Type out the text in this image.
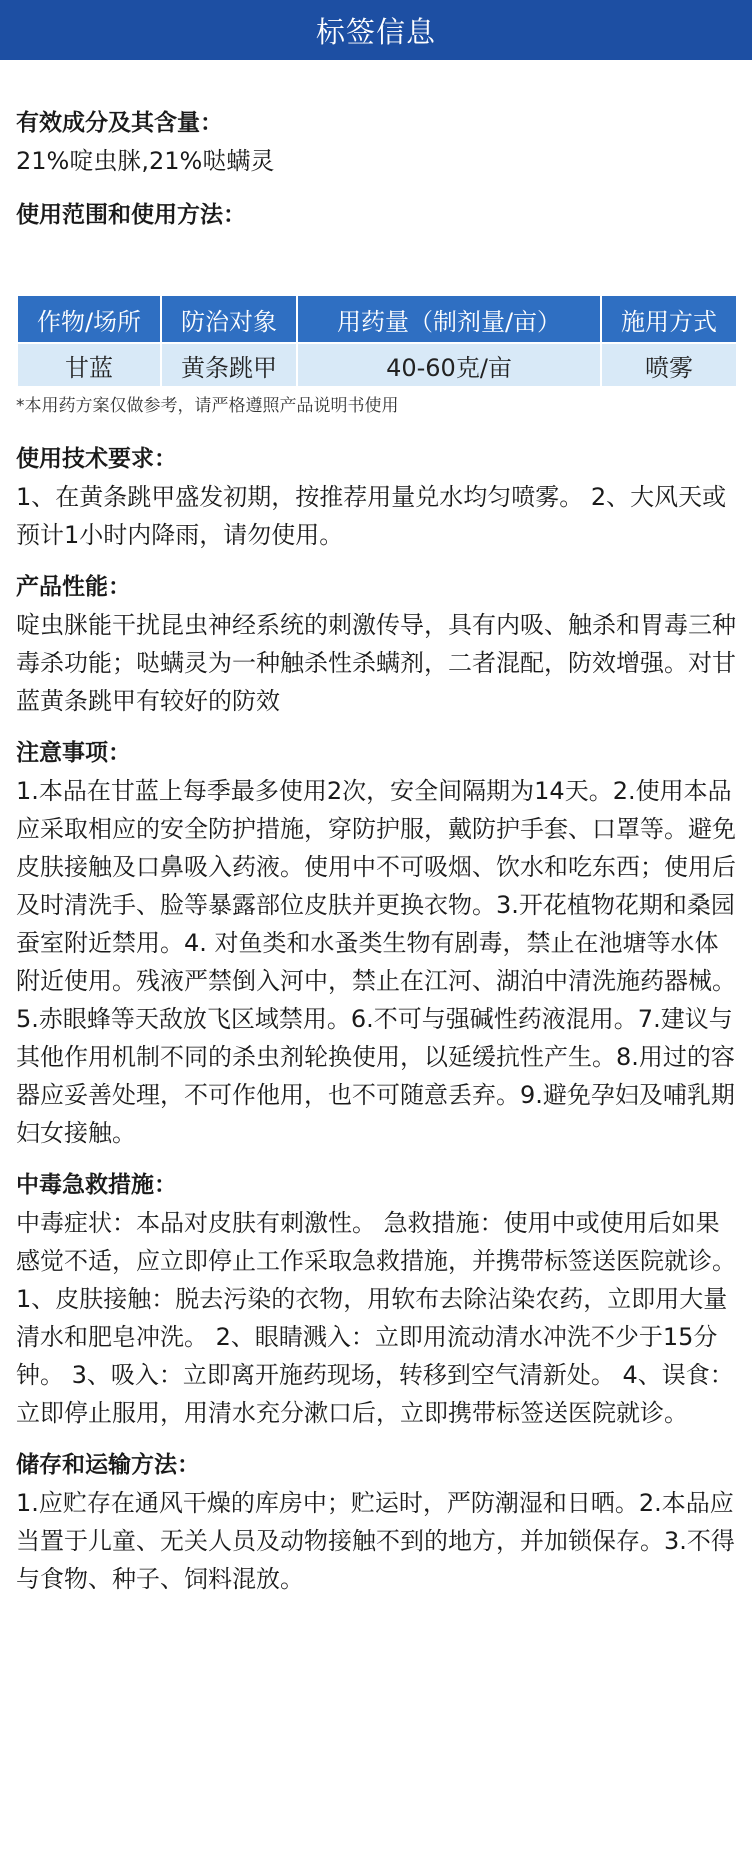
标签信息

有效成分及其含量：

21%啶虫脒,21%哒螨灵

使用范围和使用方法：

作物/场所	防治对象	用药量（制剂量/亩）	施用方式
甘蓝	黄条跳甲	40-60克/亩	喷雾

*本用药方案仅做参考，请严格遵照产品说明书使用

使用技术要求：

1、在黄条跳甲盛发初期，按推荐用量兑水均匀喷雾。 2、大风天或预计1小时内降雨，请勿使用。

产品性能：

啶虫脒能干扰昆虫神经系统的刺激传导，具有内吸、触杀和胃毒三种毒杀功能；哒螨灵为一种触杀性杀螨剂，二者混配，防效增强。对甘蓝黄条跳甲有较好的防效

注意事项：

1.本品在甘蓝上每季最多使用2次，安全间隔期为14天。2.使用本品应采取相应的安全防护措施，穿防护服，戴防护手套、口罩等。避免皮肤接触及口鼻吸入药液。使用中不可吸烟、饮水和吃东西；使用后及时清洗手、脸等暴露部位皮肤并更换衣物。3.开花植物花期和桑园蚕室附近禁用。4. 对鱼类和水蚤类生物有剧毒，禁止在池塘等水体附近使用。残液严禁倒入河中，禁止在江河、湖泊中清洗施药器械。5.赤眼蜂等天敌放飞区域禁用。6.不可与强碱性药液混用。7.建议与其他作用机制不同的杀虫剂轮换使用，以延缓抗性产生。8.用过的容器应妥善处理，不可作他用，也不可随意丢弃。9.避免孕妇及哺乳期妇女接触。

中毒急救措施：

中毒症状：本品对皮肤有刺激性。 急救措施：使用中或使用后如果感觉不适，应立即停止工作采取急救措施，并携带标签送医院就诊。 1、皮肤接触：脱去污染的衣物，用软布去除沾染农药，立即用大量清水和肥皂冲洗。 2、眼睛溅入：立即用流动清水冲洗不少于15分钟。 3、吸入：立即离开施药现场，转移到空气清新处。 4、误食：立即停止服用，用清水充分漱口后，立即携带标签送医院就诊。

储存和运输方法：

1.应贮存在通风干燥的库房中；贮运时，严防潮湿和日晒。2.本品应当置于儿童、无关人员及动物接触不到的地方，并加锁保存。3.不得与食物、种子、饲料混放。
